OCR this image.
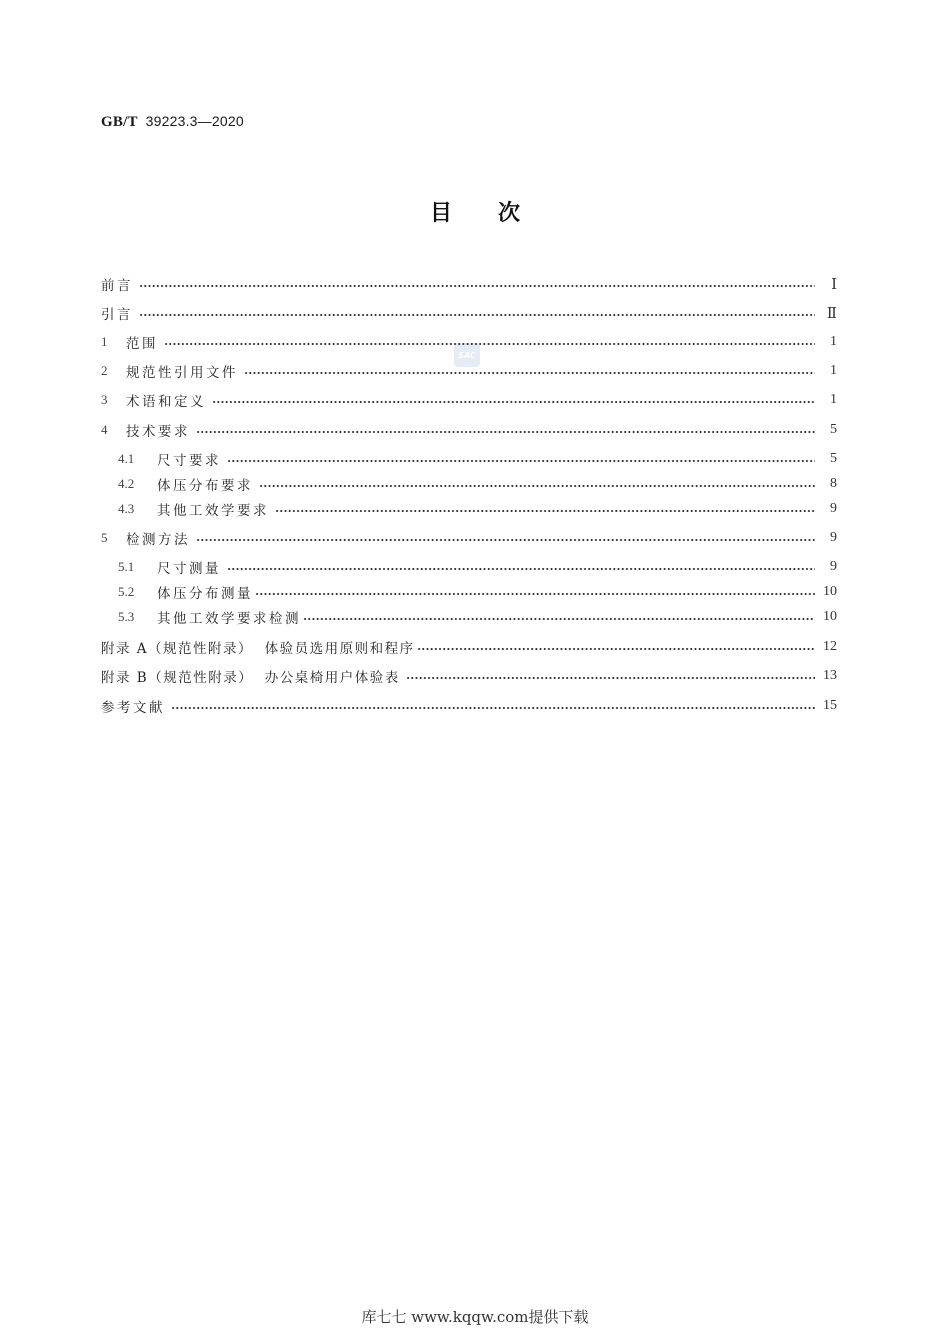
GB/T 39223.3—2020
目 次
SAC
前言	Ⅰ
引言	Ⅱ
1	范围	1
2	规范性引用文件	1
3	术语和定义	1
4	技术要求	5
4.1	尺寸要求	5
4.2	体压分布要求	8
4.3	其他工效学要求	9
5	检测方法	9
5.1	尺寸测量	9
5.2	体压分布测量	10
5.3	其他工效学要求检测	10
附录 A（规范性附录）  体验员选用原则和程序	12
附录 B（规范性附录）  办公桌椅用户体验表	13
参考文献	15
库七七 www.kqqw.com提供下载
